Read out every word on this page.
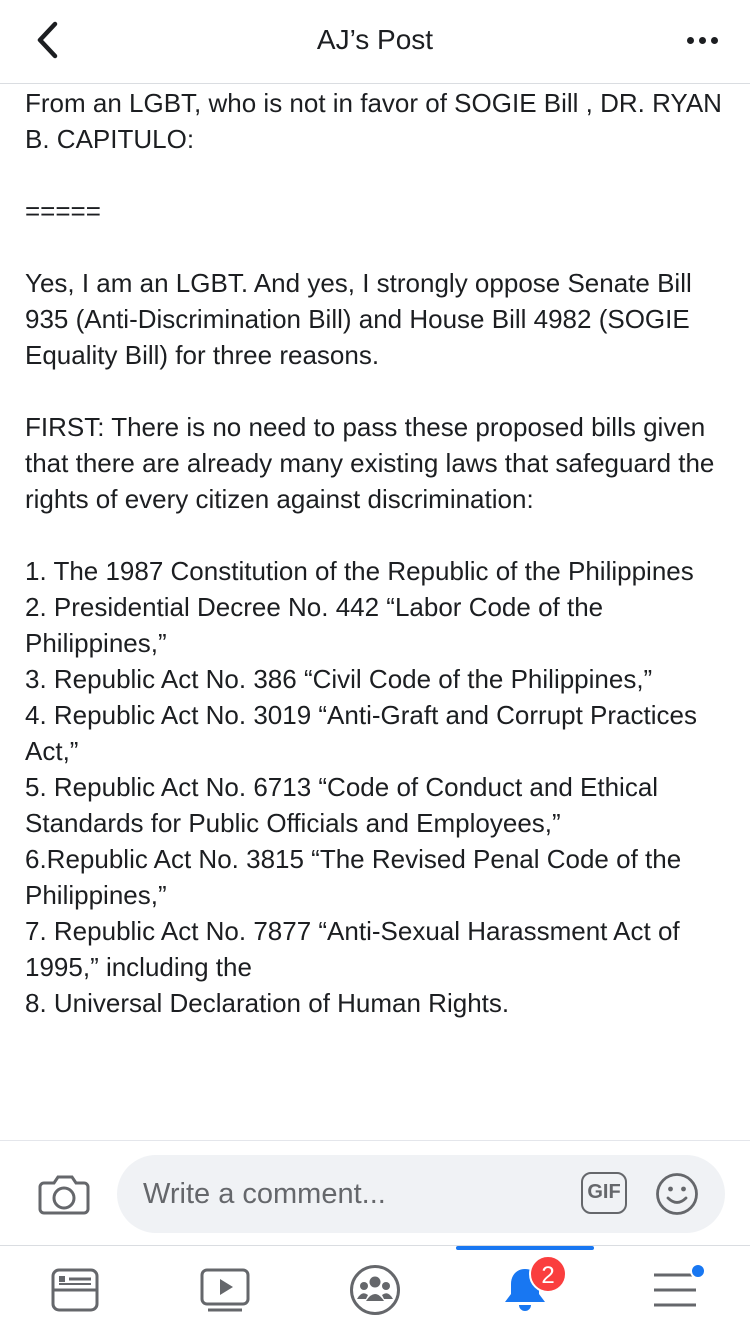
AJ’s Post

From an LGBT, who is not in favor of SOGIE Bill , DR. RYAN B. CAPITULO:

=====

Yes, I am an LGBT. And yes, I strongly oppose Senate Bill 935 (Anti-Discrimination Bill) and House Bill 4982 (SOGIE Equality Bill) for three reasons.

FIRST: There is no need to pass these proposed bills given that there are already many existing laws that safeguard the rights of every citizen against discrimination:

1. The 1987 Constitution of the Republic of the Philippines

2. Presidential Decree No. 442 “Labor Code of the Philippines,”

3. Republic Act No. 386 “Civil Code of the Philippines,”

4. Republic Act No. 3019 “Anti-Graft and Corrupt Practices Act,”

5. Republic Act No. 6713 “Code of Conduct and Ethical Standards for Public Officials and Employees,”

6.Republic Act No. 3815 “The Revised Penal Code of the Philippines,”

7. Republic Act No. 7877 “Anti-Sexual Harassment Act of 1995,” including the

8. Universal Declaration of Human Rights.

Write a comment...	GIF
2
